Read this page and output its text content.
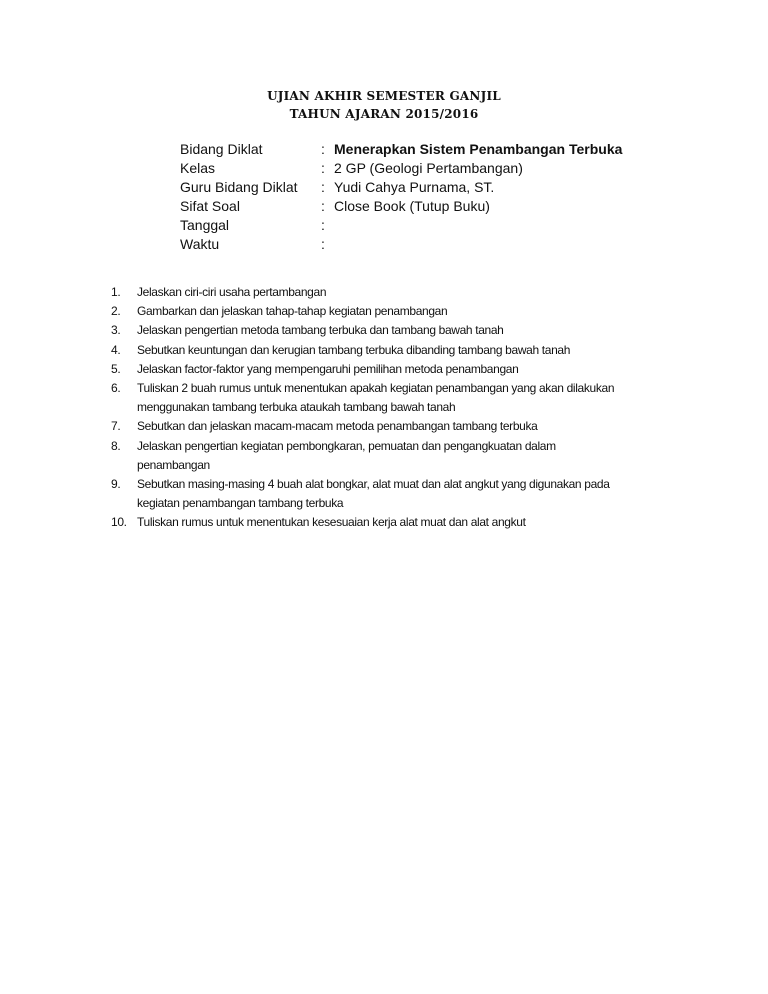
UJIAN AKHIR SEMESTER GANJIL
TAHUN AJARAN 2015/2016
Bidang Diklat	: Menerapkan Sistem Penambangan Terbuka
Kelas	: 2 GP (Geologi Pertambangan)
Guru Bidang Diklat : Yudi Cahya Purnama, ST.
Sifat Soal	: Close Book (Tutup Buku)
Tanggal	:
Waktu	:
1.	Jelaskan ciri-ciri usaha pertambangan
2.	Gambarkan dan jelaskan tahap-tahap kegiatan penambangan
3.	Jelaskan pengertian metoda tambang terbuka dan tambang bawah tanah
4.	Sebutkan keuntungan dan kerugian tambang terbuka dibanding tambang bawah tanah
5.	Jelaskan factor-faktor yang mempengaruhi pemilihan metoda penambangan
6.	Tuliskan 2 buah rumus untuk menentukan apakah kegiatan penambangan yang akan dilakukan
menggunakan tambang terbuka ataukah tambang bawah tanah
7.	Sebutkan dan jelaskan macam-macam metoda penambangan tambang terbuka
8.	Jelaskan pengertian kegiatan pembongkaran, pemuatan dan pengangkuatan dalam
penambangan
9.	Sebutkan masing-masing 4 buah alat bongkar, alat muat dan alat angkut yang digunakan pada
kegiatan penambangan tambang terbuka
10. Tuliskan rumus untuk menentukan kesesuaian kerja alat muat dan alat angkut
